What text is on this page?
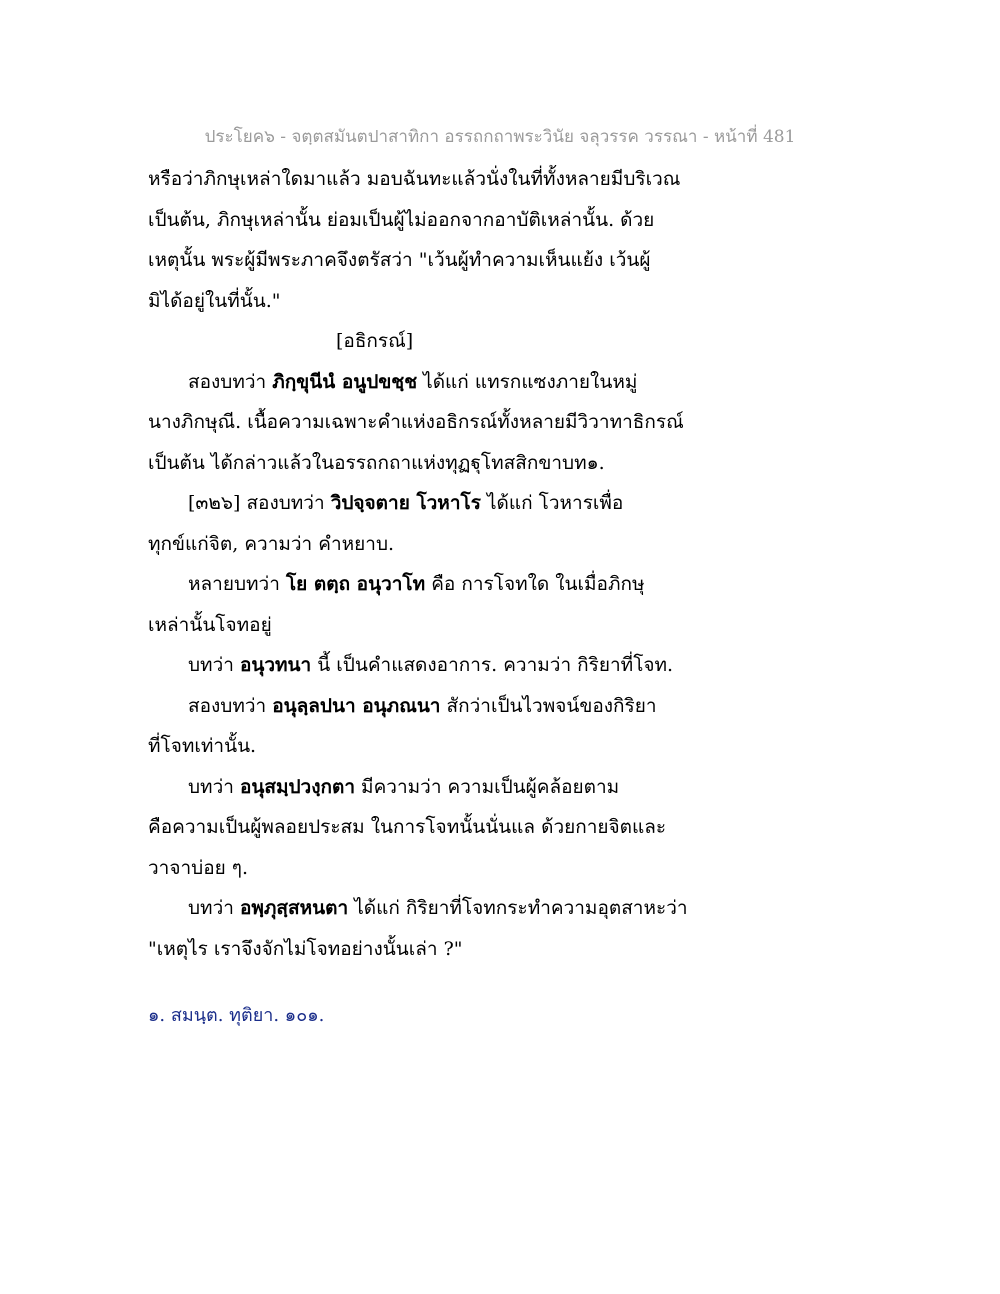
ประโยค๖ - จตฺตสมันตปาสาทิกา อรรถกถาพระวินัย จลุวรรค วรรณา - หน้าที่ 481
หรือว่าภิกษุเหล่าใดมาแล้ว มอบฉันทะแล้วนั่งในที่ทั้งหลายมีบริเวณ
เป็นต้น, ภิกษุเหล่านั้น ย่อมเป็นผู้ไม่ออกจากอาบัติเหล่านั้น. ด้วย
เหตุนั้น พระผู้มีพระภาคจึงตรัสว่า "เว้นผู้ทำความเห็นแย้ง เว้นผู้
มิได้อยู่ในที่นั้น."
[อธิกรณ์]
สองบทว่า ภิกฺขุนีนํ อนูปขชฺช ได้แก่ แทรกแซงภายในหมู่
นางภิกษุณี. เนื้อความเฉพาะคำแห่งอธิกรณ์ทั้งหลายมีวิวาทาธิกรณ์
เป็นต้น ได้กล่าวแล้วในอรรถกถาแห่งทุฏฐุโทสสิกขาบท๑.
[๓๒๖] สองบทว่า วิปจฺจตาย โวหาโร ได้แก่ โวหารเพื่อ
ทุกข์แก่จิต, ความว่า คำหยาบ.
หลายบทว่า โย ตตฺถ อนุวาโท คือ การโจทใด ในเมื่อภิกษุ
เหล่านั้นโจทอยู่
บทว่า อนุวทนา นี้ เป็นคำแสดงอาการ. ความว่า กิริยาที่โจท.
สองบทว่า อนุลฺลปนา อนุภณนา สักว่าเป็นไวพจน์ของกิริยา
ที่โจทเท่านั้น.
บทว่า อนุสมฺปวงฺกตา มีความว่า ความเป็นผู้คล้อยตาม
คือความเป็นผู้พลอยประสม ในการโจทนั้นนั่นแล ด้วยกายจิตและ
วาจาบ่อย ๆ.
บทว่า อพฺภุสฺสหนตา ได้แก่ กิริยาที่โจทกระทำความอุตสาหะว่า
"เหตุไร เราจึงจักไม่โจทอย่างนั้นเล่า ?"
๑. สมนฺต. ทุติยา. ๑๐๑.
